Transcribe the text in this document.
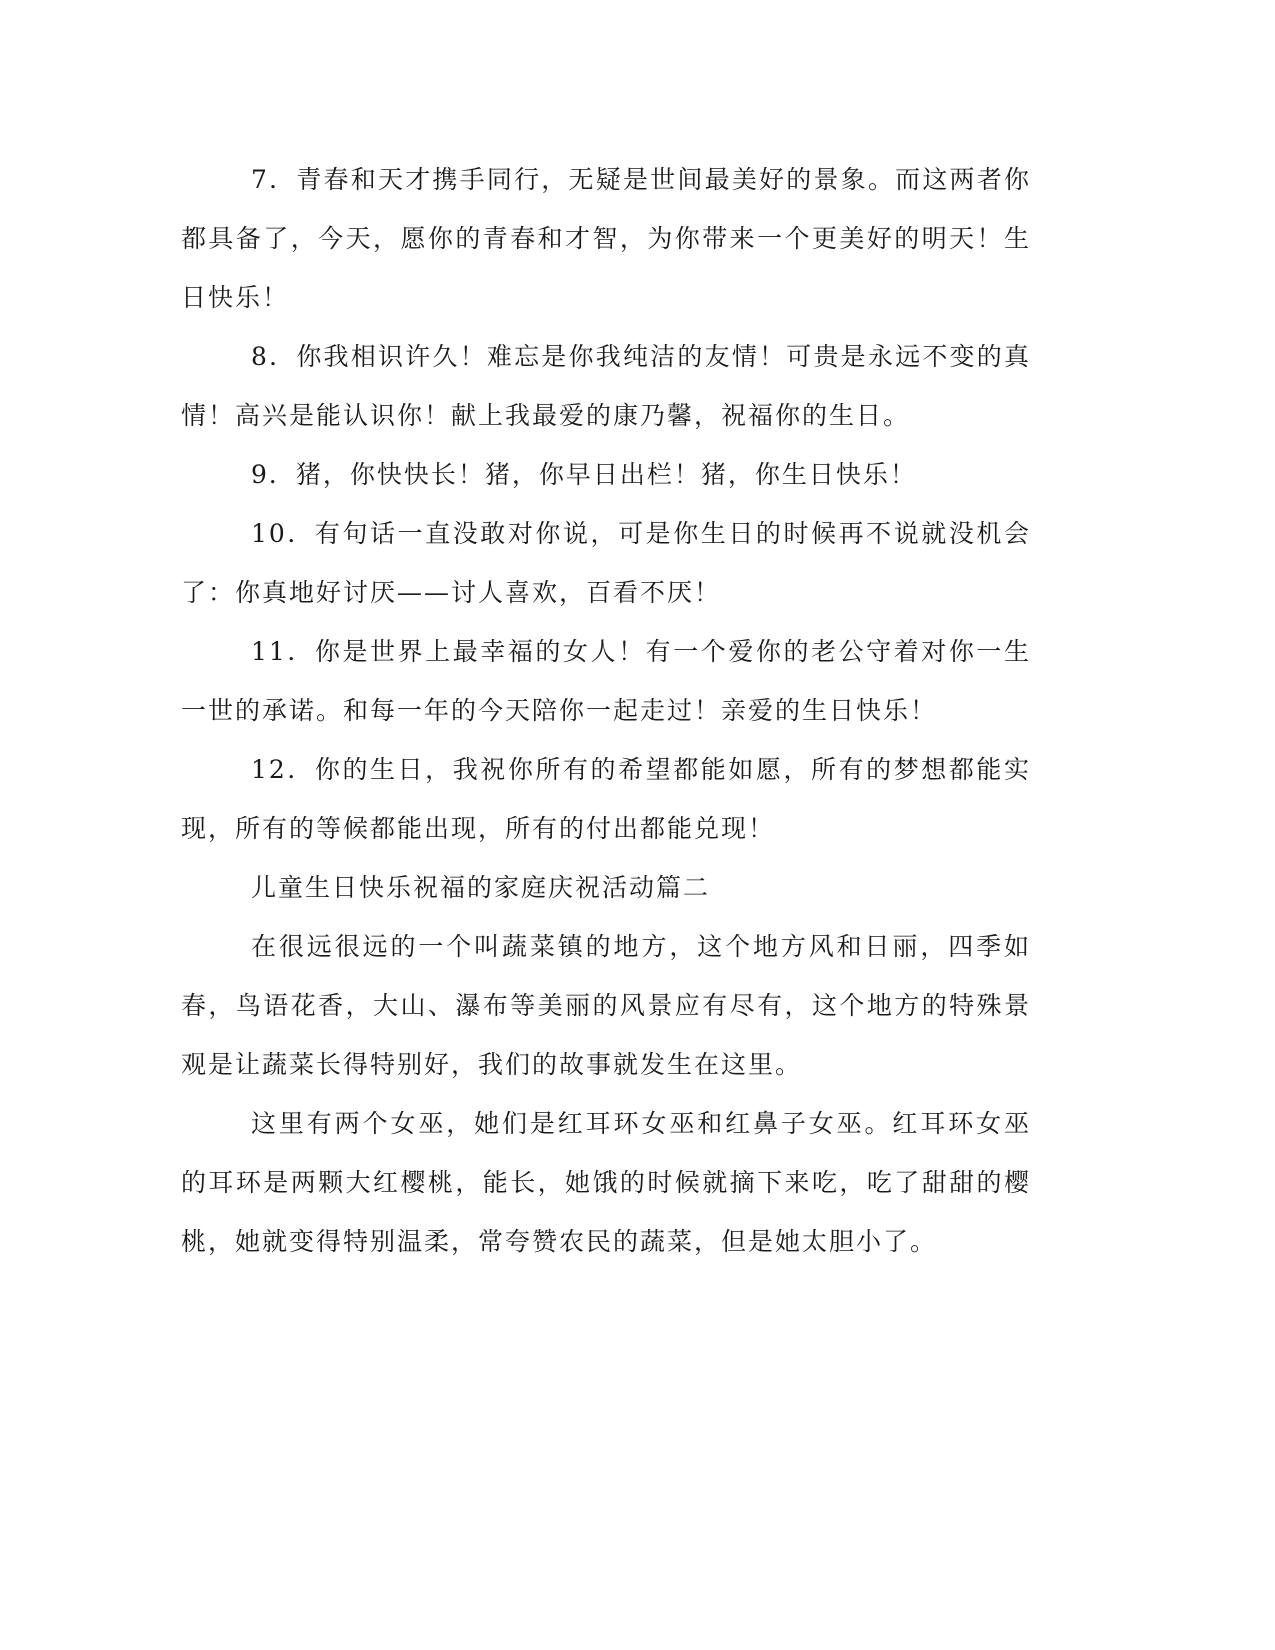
7．青春和天才携手同行，无疑是世间最美好的景象。而这两者你都具备了，今天，愿你的青春和才智，为你带来一个更美好的明天！生日快乐！

8．你我相识许久！难忘是你我纯洁的友情！可贵是永远不变的真情！高兴是能认识你！献上我最爱的康乃馨，祝福你的生日。

9．猪，你快快长！猪，你早日出栏！猪，你生日快乐！

10．有句话一直没敢对你说，可是你生日的时候再不说就没机会了：你真地好讨厌——讨人喜欢，百看不厌！

11．你是世界上最幸福的女人！有一个爱你的老公守着对你一生一世的承诺。和每一年的今天陪你一起走过！亲爱的生日快乐！

12．你的生日，我祝你所有的希望都能如愿，所有的梦想都能实现，所有的等候都能出现，所有的付出都能兑现！

儿童生日快乐祝福的家庭庆祝活动篇二

在很远很远的一个叫蔬菜镇的地方，这个地方风和日丽，四季如春，鸟语花香，大山、瀑布等美丽的风景应有尽有，这个地方的特殊景观是让蔬菜长得特别好，我们的故事就发生在这里。

这里有两个女巫，她们是红耳环女巫和红鼻子女巫。红耳环女巫的耳环是两颗大红樱桃，能长，她饿的时候就摘下来吃，吃了甜甜的樱桃，她就变得特别温柔，常夸赞农民的蔬菜，但是她太胆小了。
